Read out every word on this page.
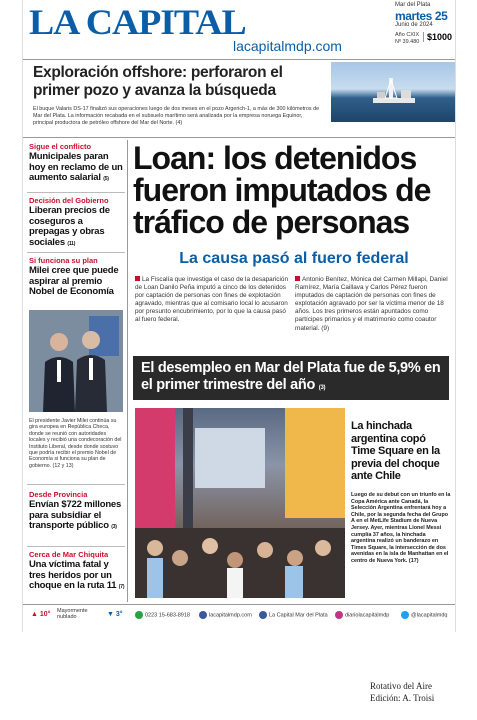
LA CAPITAL
lacapitalmdp.com
Mar del Plata
martes 25
Junio de 2024
Año CXIX
Nº 39.480 $1000
Exploración offshore: perforaron el primer pozo y avanza la búsqueda
El buque Valaris DS-17 finalizó sus operaciones luego de dos meses en el pozo Argerich-1, a más de 300 kilómetros de Mar del Plata. La información recabada en el subsuelo marítimo será analizada por la empresa noruega Equinor, principal productora de petróleo offshore del Mar del Norte. (4)
Sigue el conflicto
Municipales paran hoy en reclamo de un aumento salarial (5)
Decisión del Gobierno
Liberan precios de coseguros a prepagas y obras sociales (11)
Si funciona su plan
Milei cree que puede aspirar al premio Nobel de Economía
El presidente Javier Milei continúa su gira europea en República Checa, donde se reunió con autoridades locales y recibió una condecoración del Instituto Liberal, desde donde sostuvo que podría recibir el premio Nobel de Economía si funciona su plan de gobierno. (12 y 13)
Desde Provincia
Envían $722 millones para subsidiar el transporte público (3)
Cerca de Mar Chiquita
Una víctima fatal y tres heridos por un choque en la ruta 11 (7)
Loan: los detenidos fueron imputados de tráfico de personas
La causa pasó al fuero federal
La Fiscalía que investiga el caso de la desaparición de Loan Danilo Peña imputó a cinco de los detenidos por captación de personas con fines de explotación agravado, mientras que al comisario local lo acusaron por presunto encubrimiento, por lo que la causa pasó al fuero federal.
Antonio Benítez, Mónica del Carmen Millapi, Daniel Ramírez, María Caillava y Carlos Pérez fueron imputados de captación de personas con fines de explotación agravado por ser la víctima menor de 18 años. Los tres primeros están apuntados como partícipes primarios y el matrimonio como coautor material. (9)
El desempleo en Mar del Plata fue de 5,9% en el primer trimestre del año (3)
La hinchada argentina copó Time Square en la previa del choque ante Chile
Luego de su debut con un triunfo en la Copa América ante Canadá, la Selección Argentina enfrentará hoy a Chile, por la segunda fecha del Grupo A en el MetLife Stadium de Nueva Jersey. Ayer, mientras Lionel Messi cumplía 37 años, la hinchada argentina realizó un banderazo en Times Square, la intersección de dos avenidas en la isla de Manhattan en el centro de Nueva York. (17)
▲ 10° Mayormente nublado	▼ 3°	0223 15-683-8918	lacapitalmdp.com	La Capital Mar del Plata	diariolacapitalmdp	@lacapitalmdq
Rotativo del Aire
Edición: A. Troisi
